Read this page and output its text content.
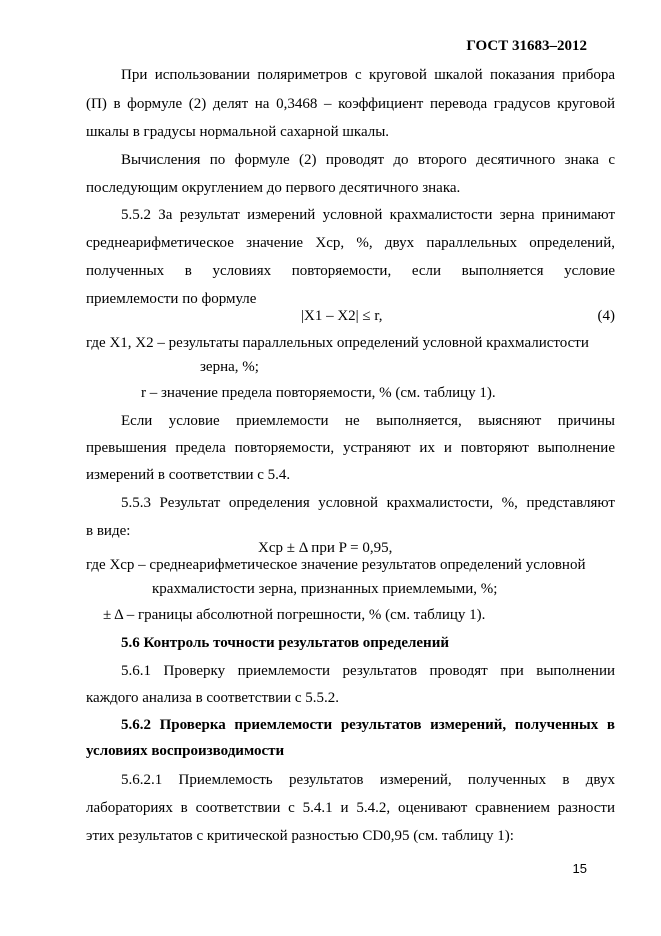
ГОСТ 31683–2012
При использовании поляриметров с круговой шкалой показания прибора
(П) в формуле (2) делят на 0,3468 – коэффициент перевода градусов круговой
шкалы в градусы нормальной сахарной шкалы.
Вычисления по формуле (2) проводят до второго десятичного знака с
последующим округлением до первого десятичного знака.
5.5.2 За результат измерений условной крахмалистости зерна принимают
среднеарифметическое значение Xср, %, двух параллельных определений,
полученных в условиях повторяемости, если выполняется условие
приемлемости по формуле
|X1 – X2| ≤ r,	(4)
где X1, X2 – результаты параллельных определений условной крахмалистости
зерна, %;
r – значение предела повторяемости, % (см. таблицу 1).
Если условие приемлемости не выполняется, выясняют причины
превышения предела повторяемости, устраняют их и повторяют выполнение
измерений в соответствии с 5.4.
5.5.3 Результат определения условной крахмалистости, %, представляют
в виде:
Xср ± Δ при P = 0,95,
где Xср – среднеарифметическое значение результатов определений условной
крахмалистости зерна, признанных приемлемыми, %;
± Δ – границы абсолютной погрешности, % (см. таблицу 1).
5.6 Контроль точности результатов определений
5.6.1 Проверку приемлемости результатов проводят при выполнении
каждого анализа в соответствии с 5.5.2.
5.6.2 Проверка приемлемости результатов измерений, полученных в
условиях воспроизводимости
5.6.2.1 Приемлемость результатов измерений, полученных в двух
лабораториях в соответствии с 5.4.1 и 5.4.2, оценивают сравнением разности
этих результатов с критической разностью CD0,95 (см. таблицу 1):
15
